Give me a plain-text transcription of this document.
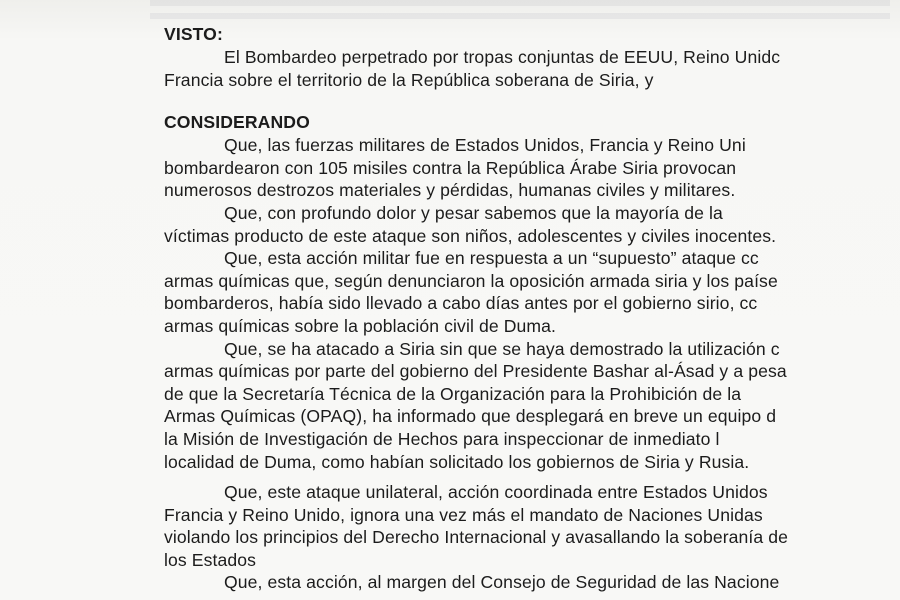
VISTO:
El Bombardeo perpetrado por tropas conjuntas de EEUU, Reino Unidc
Francia sobre el territorio de la República soberana de Siria, y
CONSIDERANDO
Que, las fuerzas militares de Estados Unidos, Francia y Reino Uni
bombardearon con 105 misiles contra la República Árabe Siria provocan
numerosos destrozos materiales y pérdidas, humanas civiles y militares.
Que, con profundo dolor y pesar sabemos que la mayoría de la
víctimas producto de este ataque son niños, adolescentes y civiles inocentes.
Que, esta acción militar fue en respuesta a un “supuesto” ataque cc
armas químicas que, según denunciaron la oposición armada siria y los paíse
bombarderos, había sido llevado a cabo días antes por el gobierno sirio, cc
armas químicas sobre la población civil de Duma.
Que, se ha atacado a Siria sin que se haya demostrado la utilización c
armas químicas por parte del gobierno del Presidente Bashar al-Ásad y a pesa
de que la Secretaría Técnica de la Organización para la Prohibición de la
Armas Químicas (OPAQ), ha informado que desplegará en breve un equipo d
la Misión de Investigación de Hechos para inspeccionar de inmediato l
localidad de Duma, como habían solicitado los gobiernos de Siria y Rusia.
Que, este ataque unilateral, acción coordinada entre Estados Unidos
Francia y Reino Unido, ignora una vez más el mandato de Naciones Unidas
violando los principios del Derecho Internacional y avasallando la soberanía de
los Estados
Que, esta acción, al margen del Consejo de Seguridad de las Nacione
